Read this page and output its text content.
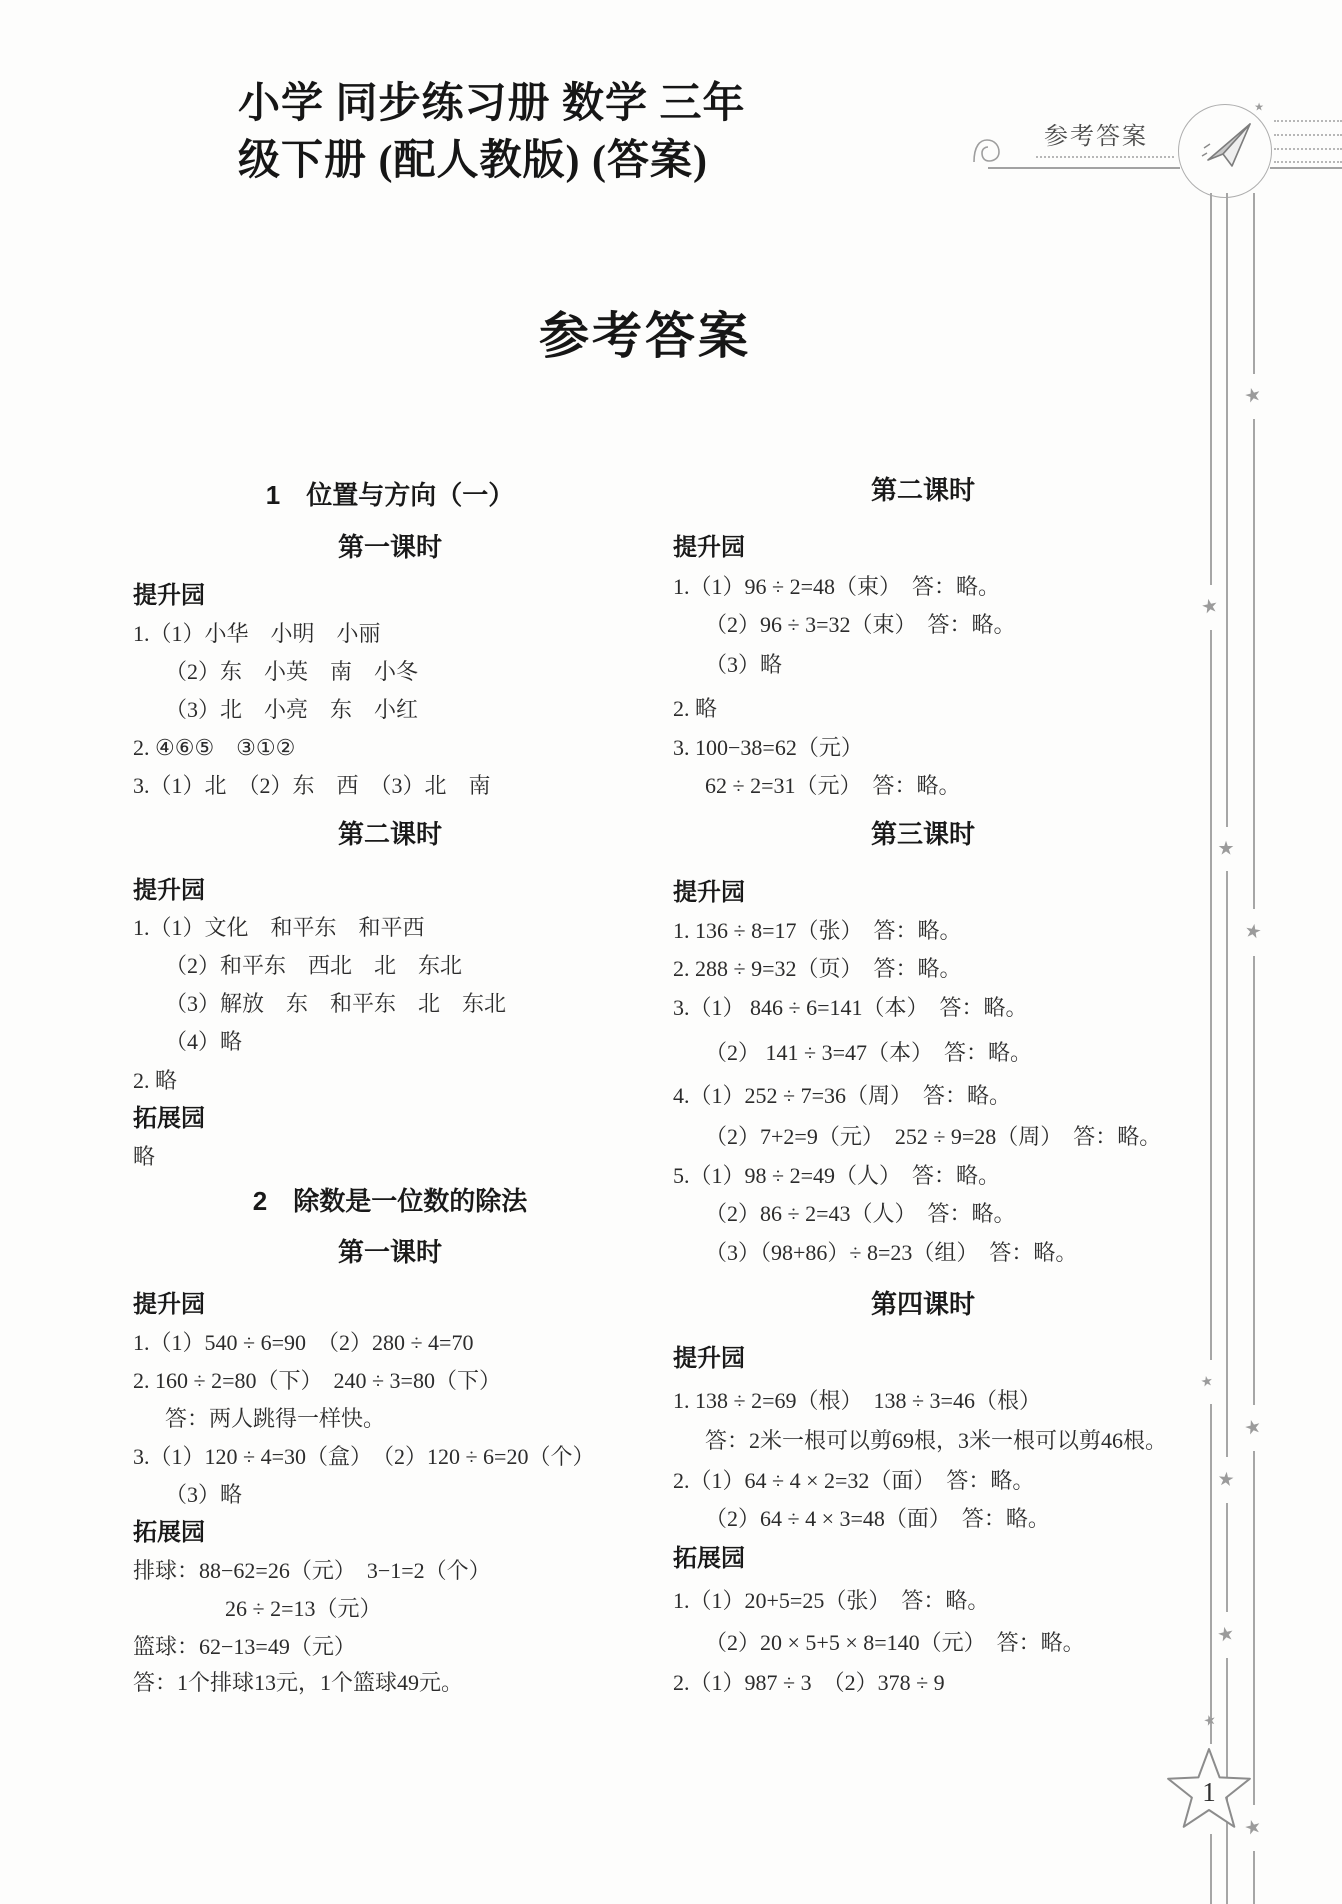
小学 同步练习册 数学 三年
级下册 (配人教版) (答案)
参考答案
参考答案
1　位置与方向（一）
第一课时
提升园
1.（1）小华　小明　小丽
（2）东　小英　南　小冬
（3）北　小亮　东　小红
2. ④⑥⑤　③①②
3.（1）北　（2）东　西　（3）北　南
第二课时
提升园
1.（1）文化　和平东　和平西
（2）和平东　西北　北　东北
（3）解放　东　和平东　北　东北
（4）略
2. 略
拓展园
略
2　除数是一位数的除法
第一课时
提升园
1.（1）540 ÷ 6=90　（2）280 ÷ 4=70
2. 160 ÷ 2=80（下）　240 ÷ 3=80（下）
答：两人跳得一样快。
3.（1）120 ÷ 4=30（盒）　（2）120 ÷ 6=20（个）
（3）略
拓展园
排球：88−62=26（元）　3−1=2（个）
26 ÷ 2=13（元）
篮球：62−13=49（元）
答：1个排球13元，1个篮球49元。
第二课时
提升园
1.（1）96 ÷ 2=48（束）　答：略。
（2）96 ÷ 3=32（束）　答：略。
（3）略
2. 略
3. 100−38=62（元）
62 ÷ 2=31（元）　答：略。
第三课时
提升园
1. 136 ÷ 8=17（张）　答：略。
2. 288 ÷ 9=32（页）　答：略。
3.（1） 846 ÷ 6=141（本）　答：略。
（2） 141 ÷ 3=47（本）　答：略。
4.（1）252 ÷ 7=36（周）　答：略。
（2）7+2=9（元）　252 ÷ 9=28（周）　答：略。
5.（1）98 ÷ 2=49（人）　答：略。
（2）86 ÷ 2=43（人）　答：略。
（3）（98+86）÷ 8=23（组）　答：略。
第四课时
提升园
1. 138 ÷ 2=69（根）　138 ÷ 3=46（根）
答：2米一根可以剪69根，3米一根可以剪46根。
2.（1）64 ÷ 4 × 2=32（面）　答：略。
（2）64 ÷ 4 × 3=48（面）　答：略。
拓展园
1.（1）20+5=25（张）　答：略。
（2）20 × 5+5 × 8=140（元）　答：略。
2.（1）987 ÷ 3　（2）378 ÷ 9
★
★
★
★
★
★
★
★
★
★
★
1
